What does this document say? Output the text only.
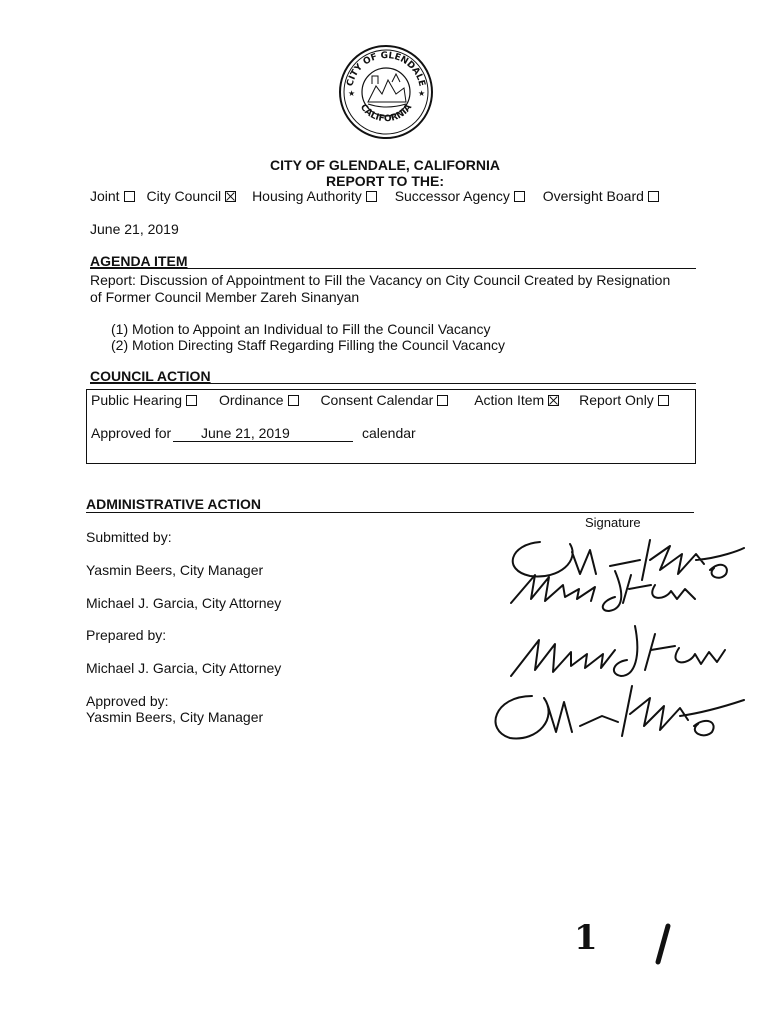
CITY OF GLENDALE
CALIFORNIA
★	★
CITY OF GLENDALE, CALIFORNIA
REPORT TO THE:
Joint City Council Housing Authority Successor Agency Oversight Board
June 21, 2019
AGENDA ITEM
Report: Discussion of Appointment to Fill the Vacancy on City Council Created by Resignation
of Former Council Member Zareh Sinanyan
(1) Motion to Appoint an Individual to Fill the Council Vacancy
(2) Motion Directing Staff Regarding Filling the Council Vacancy
COUNCIL ACTION
Public Hearing	Ordinance	Consent Calendar	Action Item Report Only
Approved for	June 21, 2019	calendar
ADMINISTRATIVE ACTION
Signature
Submitted by:
Yasmin Beers, City Manager
Michael J. Garcia, City Attorney
Prepared by:
Michael J. Garcia, City Attorney
Approved by:
Yasmin Beers, City Manager
1
